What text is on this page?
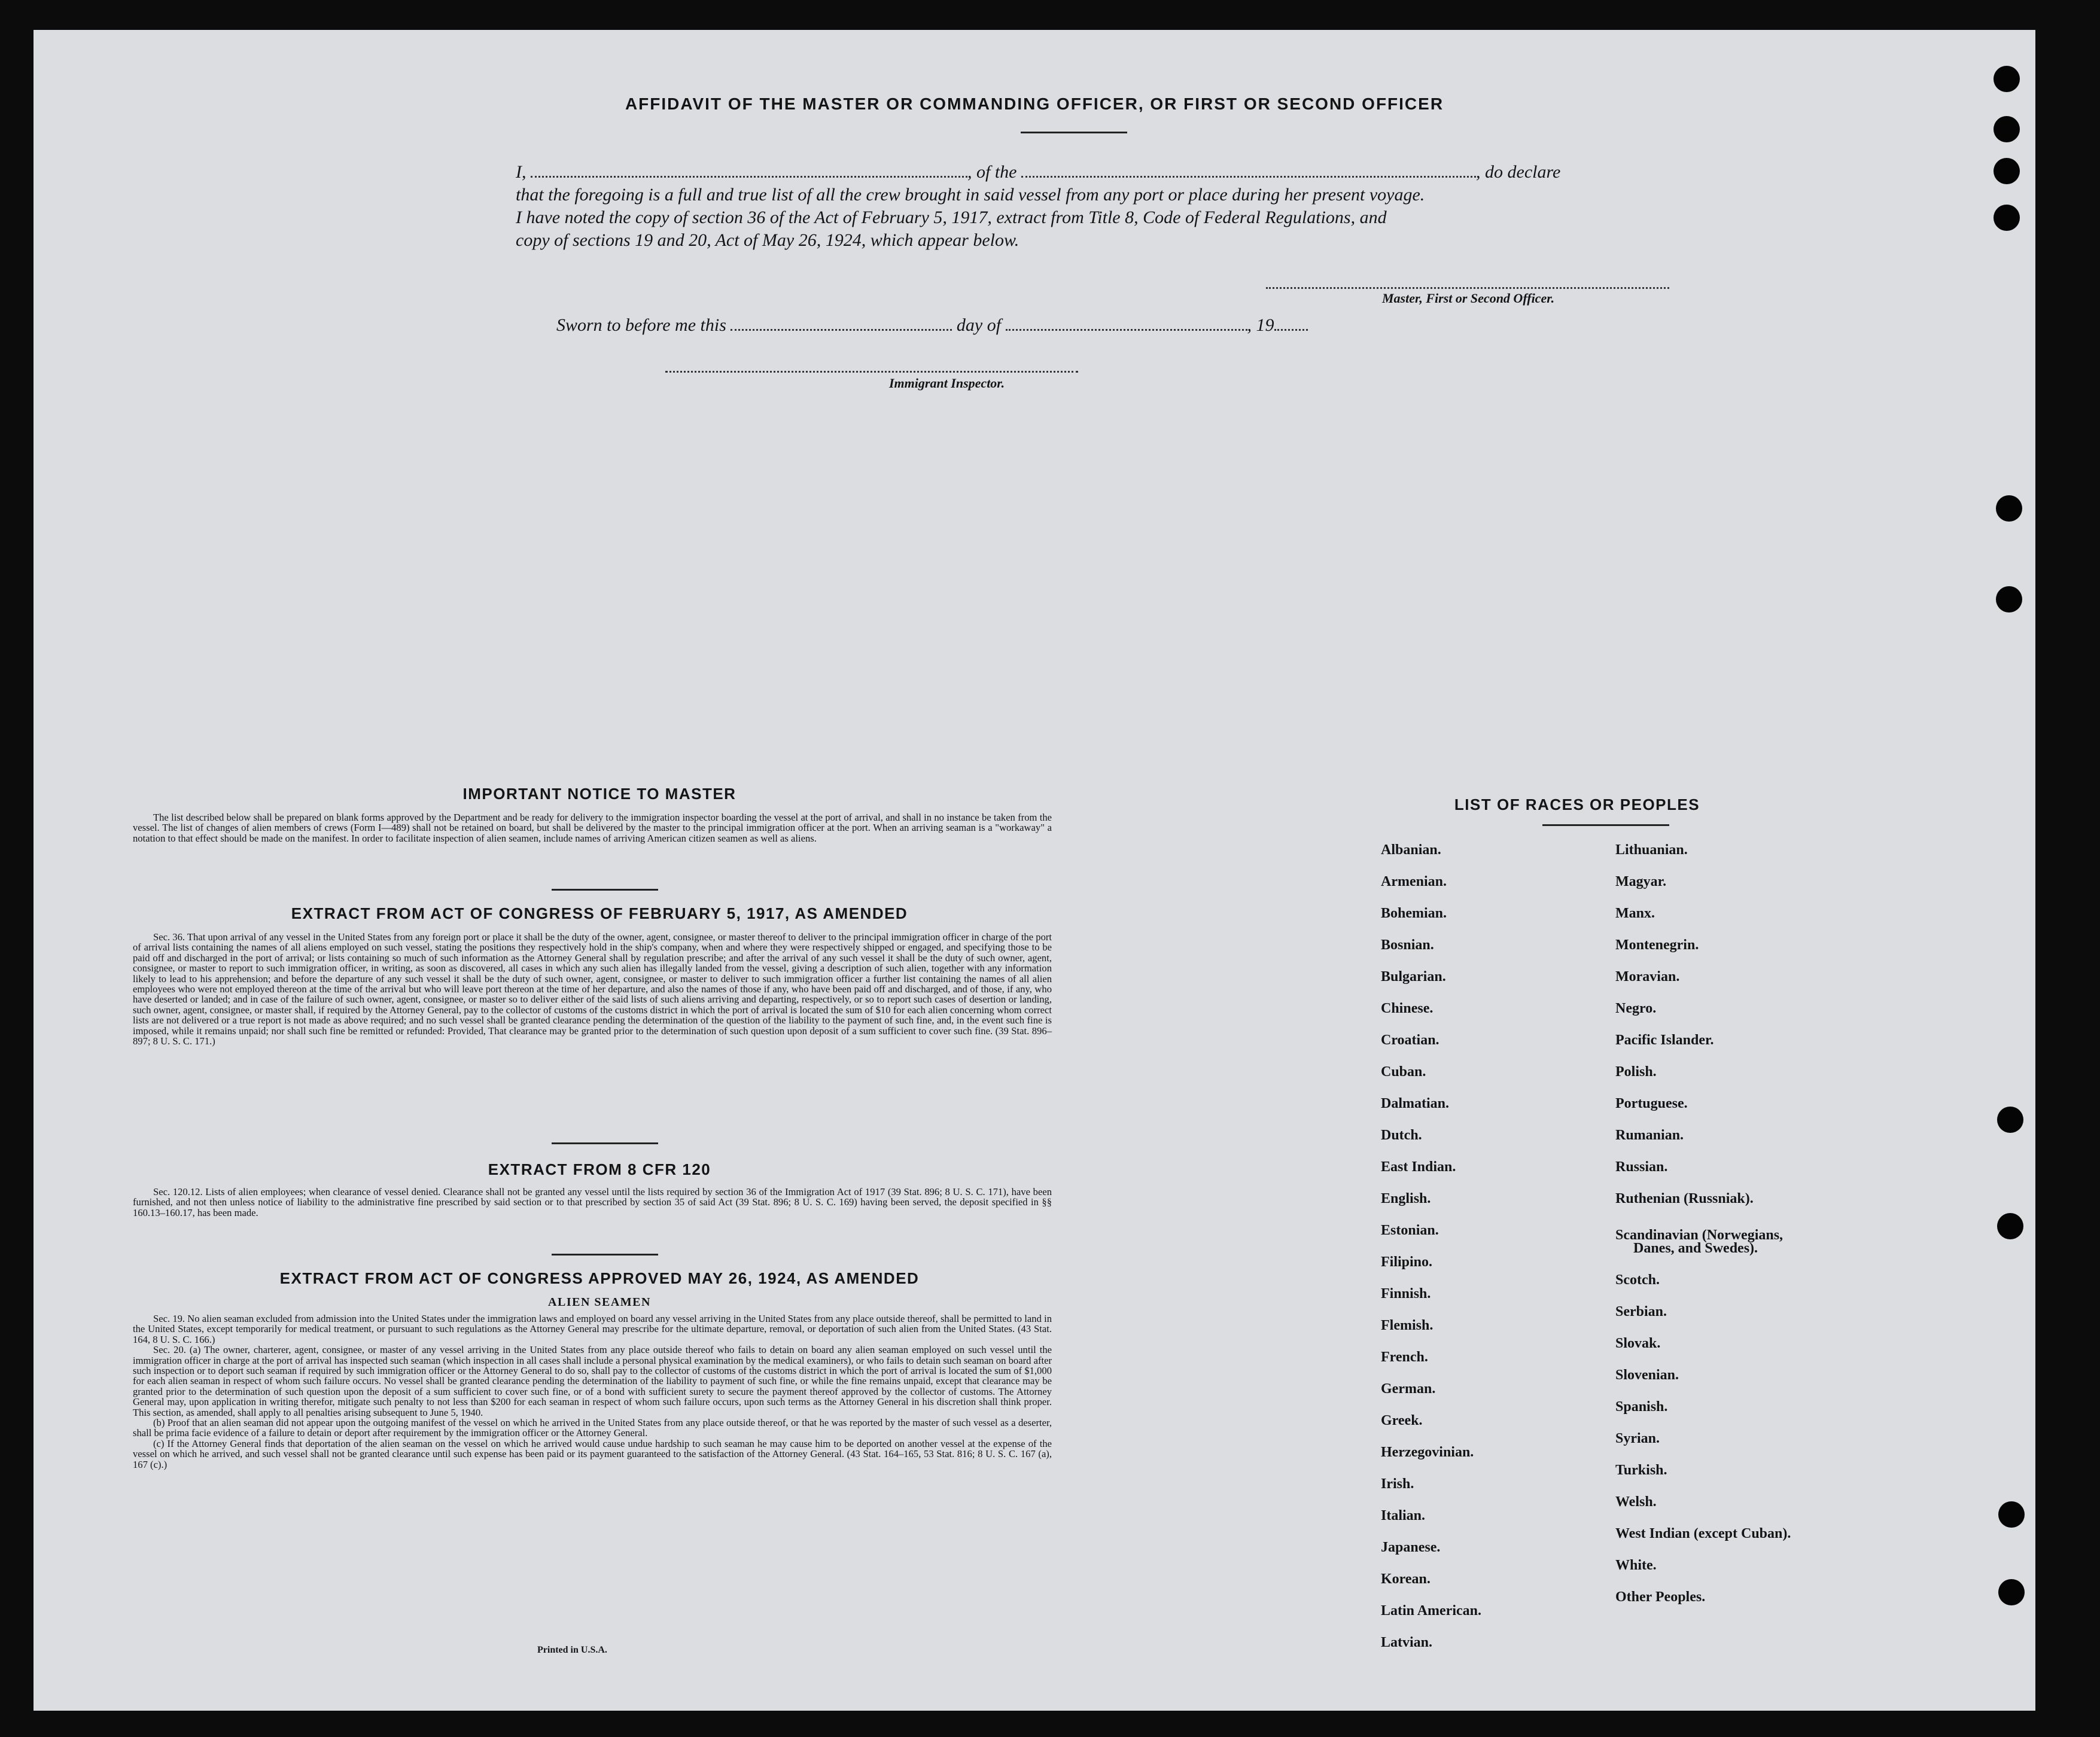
AFFIDAVIT OF THE MASTER OR COMMANDING OFFICER, OR FIRST OR SECOND OFFICER
I,	, of the	, do declare
that the foregoing is a full and true list of all the crew brought in said vessel from any port or place during her present voyage.
I have noted the copy of section 36 of the Act of February 5, 1917, extract from Title 8, Code of Federal Regulations, and
copy of sections 19 and 20, Act of May 26, 1924, which appear below.
Master, First or Second Officer.
Sworn to before me this	day of	, 19
Immigrant Inspector.
IMPORTANT NOTICE TO MASTER

The list described below shall be prepared on blank forms approved by the Department and be ready for delivery to the immigration inspector boarding the vessel at the port of arrival, and shall in no instance be taken from the vessel. The list of changes of alien members of crews (Form I—489) shall not be retained on board, but shall be delivered by the master to the principal immigration officer at the port. When an arriving seaman is a "workaway" a notation to that effect should be made on the manifest. In order to facilitate inspection of alien seamen, include names of arriving American citizen seamen as well as aliens.

EXTRACT FROM ACT OF CONGRESS OF FEBRUARY 5, 1917, AS AMENDED

Sec. 36. That upon arrival of any vessel in the United States from any foreign port or place it shall be the duty of the owner, agent, consignee, or master thereof to deliver to the principal immigration officer in charge of the port of arrival lists containing the names of all aliens employed on such vessel, stating the positions they respectively hold in the ship's company, when and where they were respectively shipped or engaged, and specifying those to be paid off and discharged in the port of arrival; or lists containing so much of such information as the Attorney General shall by regulation prescribe; and after the arrival of any such vessel it shall be the duty of such owner, agent, consignee, or master to report to such immigration officer, in writing, as soon as discovered, all cases in which any such alien has illegally landed from the vessel, giving a description of such alien, together with any information likely to lead to his apprehension; and before the departure of any such vessel it shall be the duty of such owner, agent, consignee, or master to deliver to such immigration officer a further list containing the names of all alien employees who were not employed thereon at the time of the arrival but who will leave port thereon at the time of her departure, and also the names of those if any, who have been paid off and discharged, and of those, if any, who have deserted or landed; and in case of the failure of such owner, agent, consignee, or master so to deliver either of the said lists of such aliens arriving and departing, respectively, or so to report such cases of desertion or landing, such owner, agent, consignee, or master shall, if required by the Attorney General, pay to the collector of customs of the customs district in which the port of arrival is located the sum of $10 for each alien concerning whom correct lists are not delivered or a true report is not made as above required; and no such vessel shall be granted clearance pending the determination of the question of the liability to the payment of such fine, and, in the event such fine is imposed, while it remains unpaid; nor shall such fine be remitted or refunded: Provided, That clearance may be granted prior to the determination of such question upon deposit of a sum sufficient to cover such fine. (39 Stat. 896–897; 8 U. S. C. 171.)

EXTRACT FROM 8 CFR 120

Sec. 120.12. Lists of alien employees; when clearance of vessel denied. Clearance shall not be granted any vessel until the lists required by section 36 of the Immigration Act of 1917 (39 Stat. 896; 8 U. S. C. 171), have been furnished, and not then unless notice of liability to the administrative fine prescribed by said section or to that prescribed by section 35 of said Act (39 Stat. 896; 8 U. S. C. 169) having been served, the deposit specified in §§ 160.13–160.17, has been made.

EXTRACT FROM ACT OF CONGRESS APPROVED MAY 26, 1924, AS AMENDED
ALIEN SEAMEN

Sec. 19. No alien seaman excluded from admission into the United States under the immigration laws and employed on board any vessel arriving in the United States from any place outside thereof, shall be permitted to land in the United States, except temporarily for medical treatment, or pursuant to such regulations as the Attorney General may prescribe for the ultimate departure, removal, or deportation of such alien from the United States. (43 Stat. 164, 8 U. S. C. 166.)

Sec. 20. (a) The owner, charterer, agent, consignee, or master of any vessel arriving in the United States from any place outside thereof who fails to detain on board any alien seaman employed on such vessel until the immigration officer in charge at the port of arrival has inspected such seaman (which inspection in all cases shall include a personal physical examination by the medical examiners), or who fails to detain such seaman on board after such inspection or to deport such seaman if required by such immigration officer or the Attorney General to do so, shall pay to the collector of customs of the customs district in which the port of arrival is located the sum of $1,000 for each alien seaman in respect of whom such failure occurs. No vessel shall be granted clearance pending the determination of the liability to payment of such fine, or while the fine remains unpaid, except that clearance may be granted prior to the determination of such question upon the deposit of a sum sufficient to cover such fine, or of a bond with sufficient surety to secure the payment thereof approved by the collector of customs. The Attorney General may, upon application in writing therefor, mitigate such penalty to not less than $200 for each seaman in respect of whom such failure occurs, upon such terms as the Attorney General in his discretion shall think proper. This section, as amended, shall apply to all penalties arising subsequent to June 5, 1940.

(b) Proof that an alien seaman did not appear upon the outgoing manifest of the vessel on which he arrived in the United States from any place outside thereof, or that he was reported by the master of such vessel as a deserter, shall be prima facie evidence of a failure to detain or deport after requirement by the immigration officer or the Attorney General.

(c) If the Attorney General finds that deportation of the alien seaman on the vessel on which he arrived would cause undue hardship to such seaman he may cause him to be deported on another vessel at the expense of the vessel on which he arrived, and such vessel shall not be granted clearance until such expense has been paid or its payment guaranteed to the satisfaction of the Attorney General. (43 Stat. 164–165, 53 Stat. 816; 8 U. S. C. 167 (a), 167 (c).)

Printed in U.S.A.
LIST OF RACES OR PEOPLES
Albanian.
Armenian.
Bohemian.
Bosnian.
Bulgarian.
Chinese.
Croatian.
Cuban.
Dalmatian.
Dutch.
East Indian.
English.
Estonian.
Filipino.
Finnish.
Flemish.
French.
German.
Greek.
Herzegovinian.
Irish.
Italian.
Japanese.
Korean.
Latin American.
Latvian.
Lithuanian.
Magyar.
Manx.
Montenegrin.
Moravian.
Negro.
Pacific Islander.
Polish.
Portuguese.
Rumanian.
Russian.
Ruthenian (Russniak).
Scandinavian (Norwegians,
Danes, and Swedes).
Scotch.
Serbian.
Slovak.
Slovenian.
Spanish.
Syrian.
Turkish.
Welsh.
West Indian (except Cuban).
White.
Other Peoples.
